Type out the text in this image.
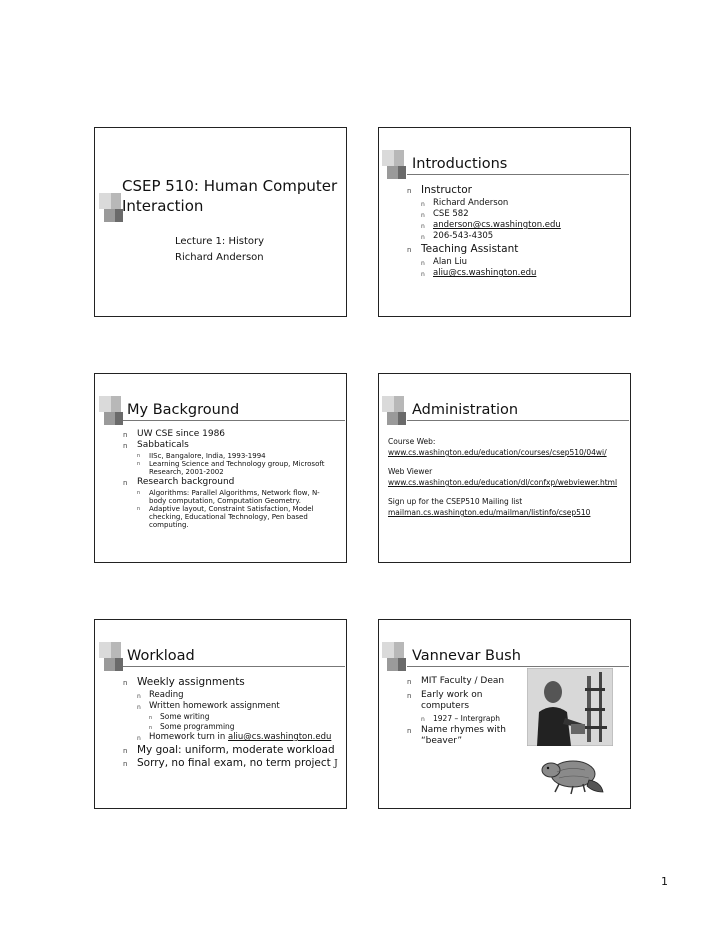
CSEP 510: Human Computer
Interaction
Lecture 1: History
Richard Anderson
Introductions
n Instructor
n Richard Anderson
n CSE 582
n anderson@cs.washington.edu
n 206-543-4305
n Teaching Assistant
n Alan Liu
n aliu@cs.washington.edu
My Background
n UW CSE since 1986
n Sabbaticals
n IISc, Bangalore, India, 1993-1994
n Learning Science and Technology group, Microsoft Research, 2001-2002
n Research background
n Algorithms: Parallel Algorithms, Network flow, N-body computation, Computation Geometry.
n Adaptive layout, Constraint Satisfaction, Model checking, Educational Technology, Pen based computing.
Administration
Course Web:
www.cs.washington.edu/education/courses/csep510/04wi/
Web Viewer
www.cs.washington.edu/education/dl/confxp/webviewer.html
Sign up for the CSEP510 Mailing list
mailman.cs.washington.edu/mailman/listinfo/csep510
Workload
n Weekly assignments
n Reading
n Written homework assignment
n Some writing
n Some programming
n Homework turn in aliu@cs.washington.edu
n My goal: uniform, moderate workload
n Sorry, no final exam, no term project J
Vannevar Bush
n MIT Faculty / Dean
n Early work on computers
n 1927 – Intergraph
n Name rhymes with “beaver”
1
